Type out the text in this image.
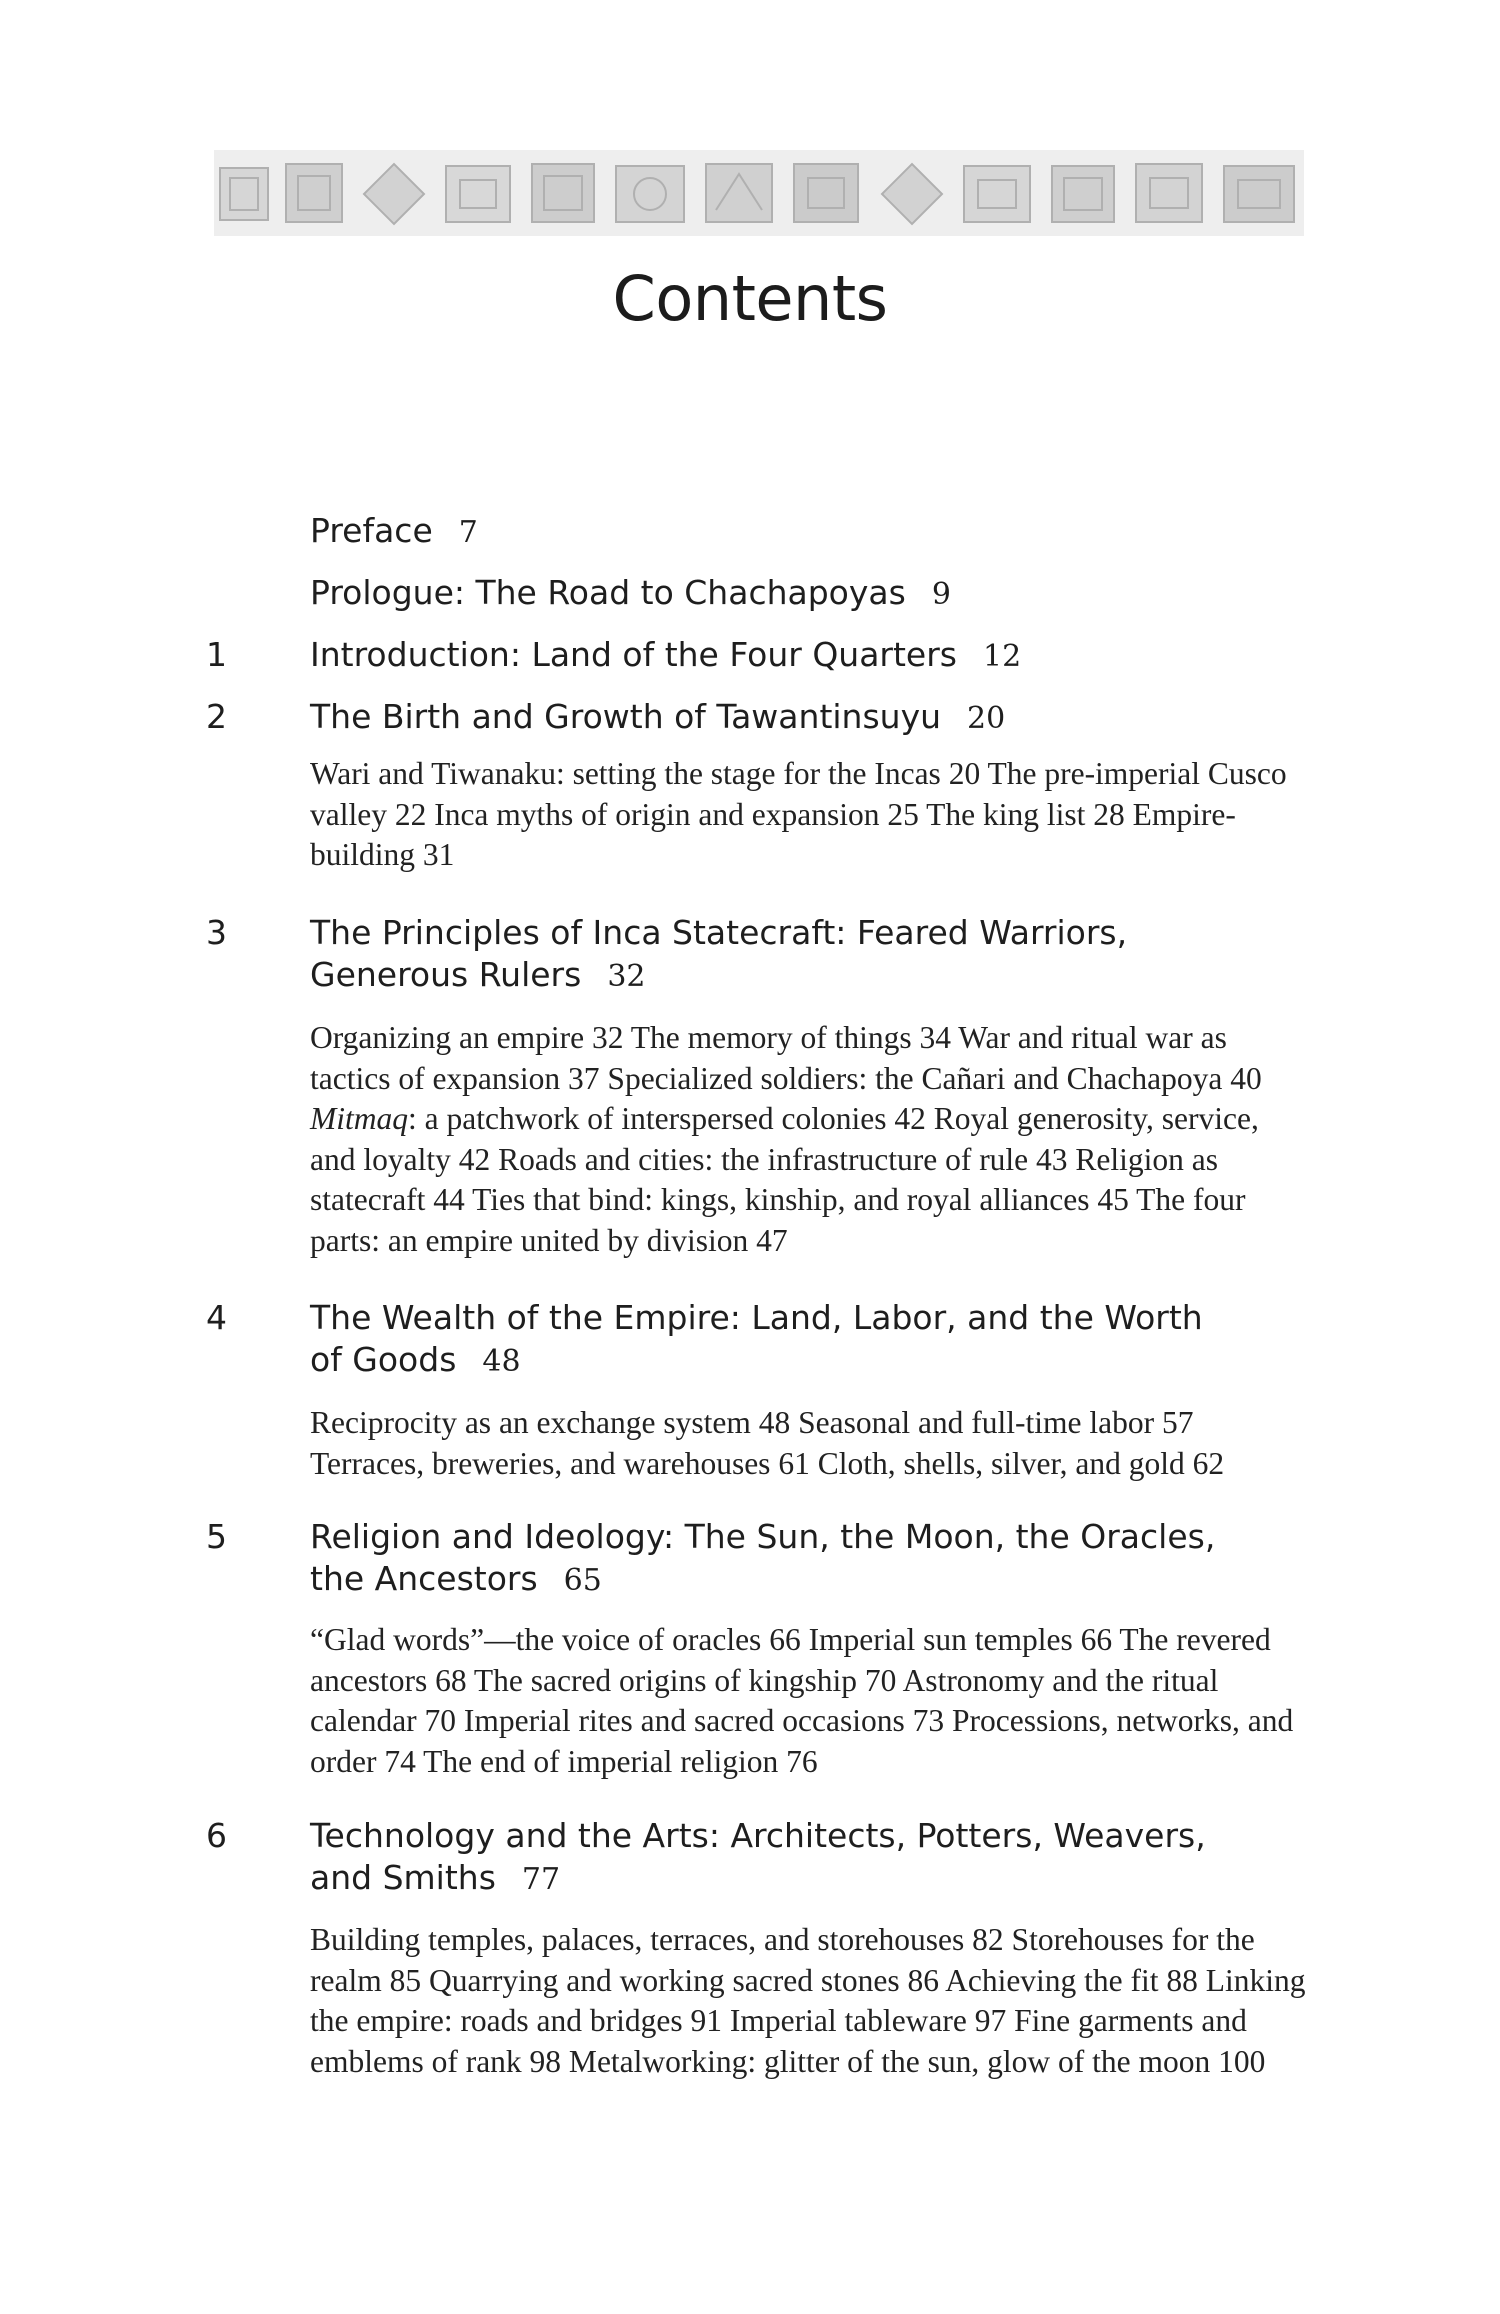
Contents
Preface 7
Prologue: The Road to Chachapoyas 9
1	Introduction: Land of the Four Quarters 12
2	The Birth and Growth of Tawantinsuyu 20
Wari and Tiwanaku: setting the stage for the Incas 20 The pre-imperial Cusco valley 22 Inca myths of origin and expansion 25 The king list 28 Empire-building 31
3	The Principles of Inca Statecraft: Feared Warriors,
Generous Rulers 32
Organizing an empire 32 The memory of things 34 War and ritual war as tactics of expansion 37 Specialized soldiers: the Cañari and Chachapoya 40 Mitmaq: a patchwork of interspersed colonies 42 Royal generosity, service, and loyalty 42 Roads and cities: the infrastructure of rule 43 Religion as statecraft 44 Ties that bind: kings, kinship, and royal alliances 45 The four parts: an empire united by division 47
4	The Wealth of the Empire: Land, Labor, and the Worth
of Goods 48
Reciprocity as an exchange system 48 Seasonal and full-time labor 57 Terraces, breweries, and warehouses 61 Cloth, shells, silver, and gold 62
5	Religion and Ideology: The Sun, the Moon, the Oracles,
the Ancestors 65
“Glad words”—the voice of oracles 66 Imperial sun temples 66 The revered ancestors 68 The sacred origins of kingship 70 Astronomy and the ritual calendar 70 Imperial rites and sacred occasions 73 Processions, networks, and order 74 The end of imperial religion 76
6	Technology and the Arts: Architects, Potters, Weavers,
and Smiths 77
Building temples, palaces, terraces, and storehouses 82 Storehouses for the realm 85 Quarrying and working sacred stones 86 Achieving the fit 88 Linking the empire: roads and bridges 91 Imperial tableware 97 Fine garments and emblems of rank 98 Metalworking: glitter of the sun, glow of the moon 100
